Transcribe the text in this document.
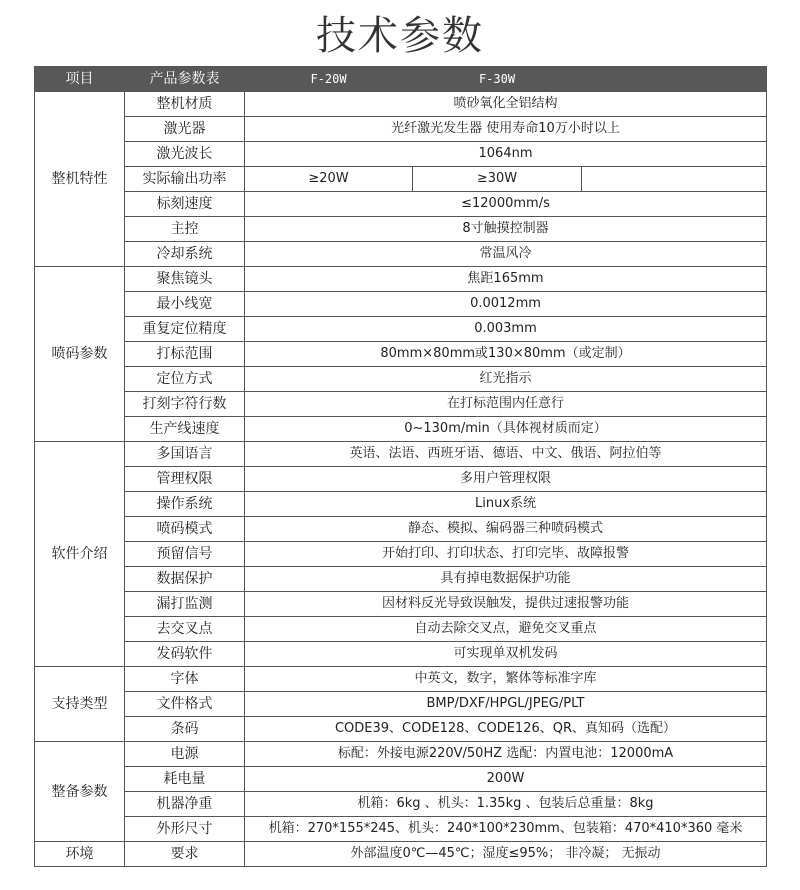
技术参数
项目	产品参数表	F-20W	F-30W	
整机特性	整机材质	喷砂氧化全铝结构		
	激光器	光纤激光发生器 使用寿命10万小时以上		
	激光波长	1064nm		
	实际输出功率	≥20W	≥30W	
	标刻速度	≤12000mm/s		
	主控	8寸触摸控制器		
	冷却系统	常温风冷		
喷码参数	聚焦镜头	焦距165mm		
	最小线宽	0.0012mm		
	重复定位精度	0.003mm		
	打标范围	80mm×80mm或130×80mm（或定制）		
	定位方式	红光指示		
	打刻字符行数	在打标范围内任意行		
	生产线速度	0~130m/min（具体视材质而定）		
软件介绍	多国语言	英语、法语、西班牙语、德语、中文、俄语、阿拉伯等		
	管理权限	多用户管理权限		
	操作系统	Linux系统		
	喷码模式	静态、模拟、编码器三种喷码模式		
	预留信号	开始打印、打印状态、打印完毕、故障报警		
	数据保护	具有掉电数据保护功能		
	漏打监测	因材料反光导致误触发，提供过速报警功能		
	去交叉点	自动去除交叉点，避免交叉重点		
	发码软件	可实现单双机发码		
支持类型	字体	中英文，数字，繁体等标准字库		
	文件格式	BMP/DXF/HPGL/JPEG/PLT		
	条码	CODE39、CODE128、CODE126、QR、真知码（选配）		
整备参数	电源	标配：外接电源220V/50HZ 选配：内置电池：12000mA		
	耗电量	200W		
	机器净重	机箱：6kg 、机头：1.35kg 、包装后总重量：8kg		
	外形尺寸	机箱：270*155*245、机头：240*100*230mm、包装箱：470*410*360 毫米		
环境	要求	外部温度0℃—45℃；湿度≤95%； 非冷凝； 无振动		
